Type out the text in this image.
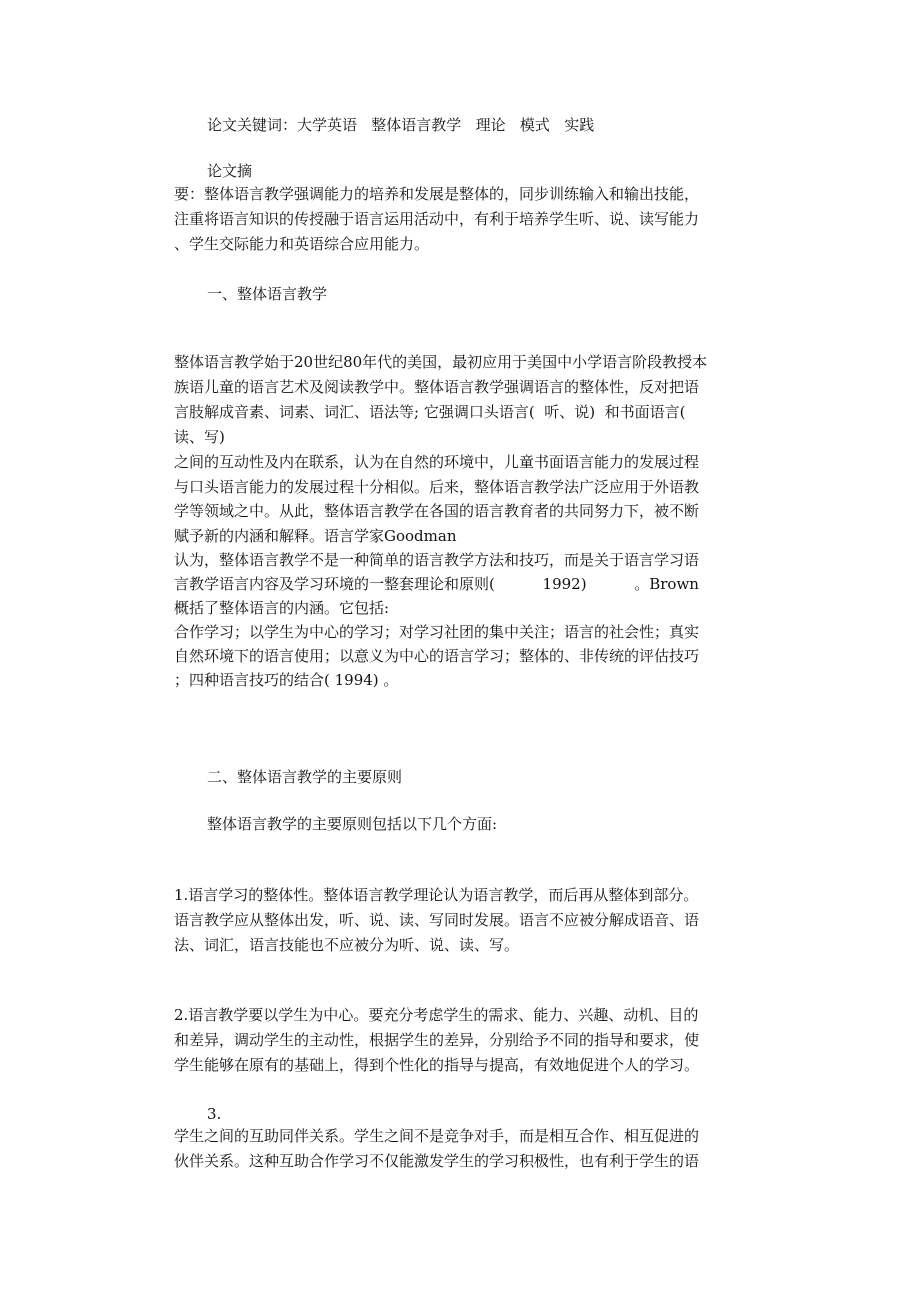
论文关键词：大学英语   整体语言教学   理论   模式   实践

论文摘

要：整体语言教学强调能力的培养和发展是整体的，同步训练输入和输出技能，

注重将语言知识的传授融于语言运用活动中，有利于培养学生听、说、读写能力

、学生交际能力和英语综合应用能力。

一、整体语言教学

整体语言教学始于20世纪80年代的美国，最初应用于美国中小学语言阶段教授本

族语儿童的语言艺术及阅读教学中。整体语言教学强调语言的整体性，反对把语

言肢解成音素、词素、词汇、语法等; 它强调口头语言(  听、说)  和书面语言(

读、写)

之间的互动性及内在联系，认为在自然的环境中，儿童书面语言能力的发展过程

与口头语言能力的发展过程十分相似。后来，整体语言教学法广泛应用于外语教

学等领域之中。从此，整体语言教学在各国的语言教育者的共同努力下，被不断

赋予新的内涵和解释。语言学家Goodman

认为，整体语言教学不是一种简单的语言教学方法和技巧，而是关于语言学习语

言教学语言内容及学习环境的一整套理论和原则(          1992)          。Brown

概括了整体语言的内涵。它包括:

合作学习；以学生为中心的学习；对学习社团的集中关注；语言的社会性；真实

自然环境下的语言使用；以意义为中心的语言学习；整体的、非传统的评估技巧

；四种语言技巧的结合( 1994) 。

二、整体语言教学的主要原则

整体语言教学的主要原则包括以下几个方面:

1.语言学习的整体性。整体语言教学理论认为语言教学，而后再从整体到部分。

语言教学应从整体出发，听、说、读、写同时发展。语言不应被分解成语音、语

法、词汇，语言技能也不应被分为听、说、读、写。

2.语言教学要以学生为中心。要充分考虑学生的需求、能力、兴趣、动机、目的

和差异，调动学生的主动性，根据学生的差异，分别给予不同的指导和要求，使

学生能够在原有的基础上，得到个性化的指导与提高，有效地促进个人的学习。

3.

学生之间的互助同伴关系。学生之间不是竞争对手，而是相互合作、相互促进的

伙伴关系。这种互助合作学习不仅能激发学生的学习积极性，也有利于学生的语
